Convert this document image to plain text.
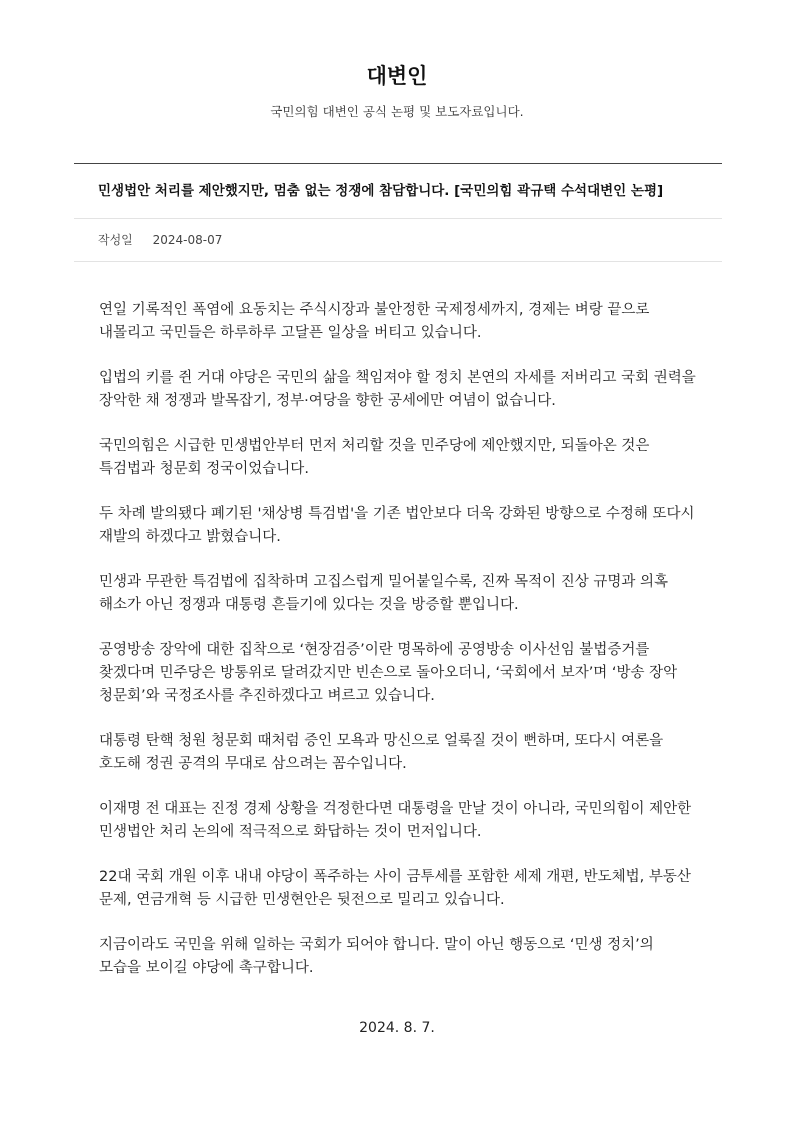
대변인
국민의힘 대변인 공식 논평 및 보도자료입니다.
민생법안 처리를 제안했지만, 멈춤 없는 정쟁에 참담합니다. [국민의힘 곽규택 수석대변인 논평]
작성일 2024-08-07

연일 기록적인 폭염에 요동치는 주식시장과 불안정한 국제정세까지, 경제는 벼랑 끝으로 내몰리고 국민들은 하루하루 고달픈 일상을 버티고 있습니다.

입법의 키를 쥔 거대 야당은 국민의 삶을 책임져야 할 정치 본연의 자세를 저버리고 국회 권력을 장악한 채 정쟁과 발목잡기, 정부·여당을 향한 공세에만 여념이 없습니다.

국민의힘은 시급한 민생법안부터 먼저 처리할 것을 민주당에 제안했지만, 되돌아온 것은 특검법과 청문회 정국이었습니다.

두 차례 발의됐다 폐기된 '채상병 특검법'을 기존 법안보다 더욱 강화된 방향으로 수정해 또다시 재발의 하겠다고 밝혔습니다.

민생과 무관한 특검법에 집착하며 고집스럽게 밀어붙일수록, 진짜 목적이 진상 규명과 의혹 해소가 아닌 정쟁과 대통령 흔들기에 있다는 것을 방증할 뿐입니다.

공영방송 장악에 대한 집착으로 ‘현장검증’이란 명목하에 공영방송 이사선임 불법증거를 찾겠다며 민주당은 방통위로 달려갔지만 빈손으로 돌아오더니, ‘국회에서 보자’며 ‘방송 장악 청문회’와 국정조사를 추진하겠다고 벼르고 있습니다.

대통령 탄핵 청원 청문회 때처럼 증인 모욕과 망신으로 얼룩질 것이 뻔하며, 또다시 여론을 호도해 정권 공격의 무대로 삼으려는 꼼수입니다.

이재명 전 대표는 진정 경제 상황을 걱정한다면 대통령을 만날 것이 아니라, 국민의힘이 제안한 민생법안 처리 논의에 적극적으로 화답하는 것이 먼저입니다.

22대 국회 개원 이후 내내 야당이 폭주하는 사이 금투세를 포함한 세제 개편, 반도체법, 부동산 문제, 연금개혁 등 시급한 민생현안은 뒷전으로 밀리고 있습니다.

지금이라도 국민을 위해 일하는 국회가 되어야 합니다. 말이 아닌 행동으로 ‘민생 정치’의 모습을 보이길 야당에 촉구합니다.

2024. 8. 7.
